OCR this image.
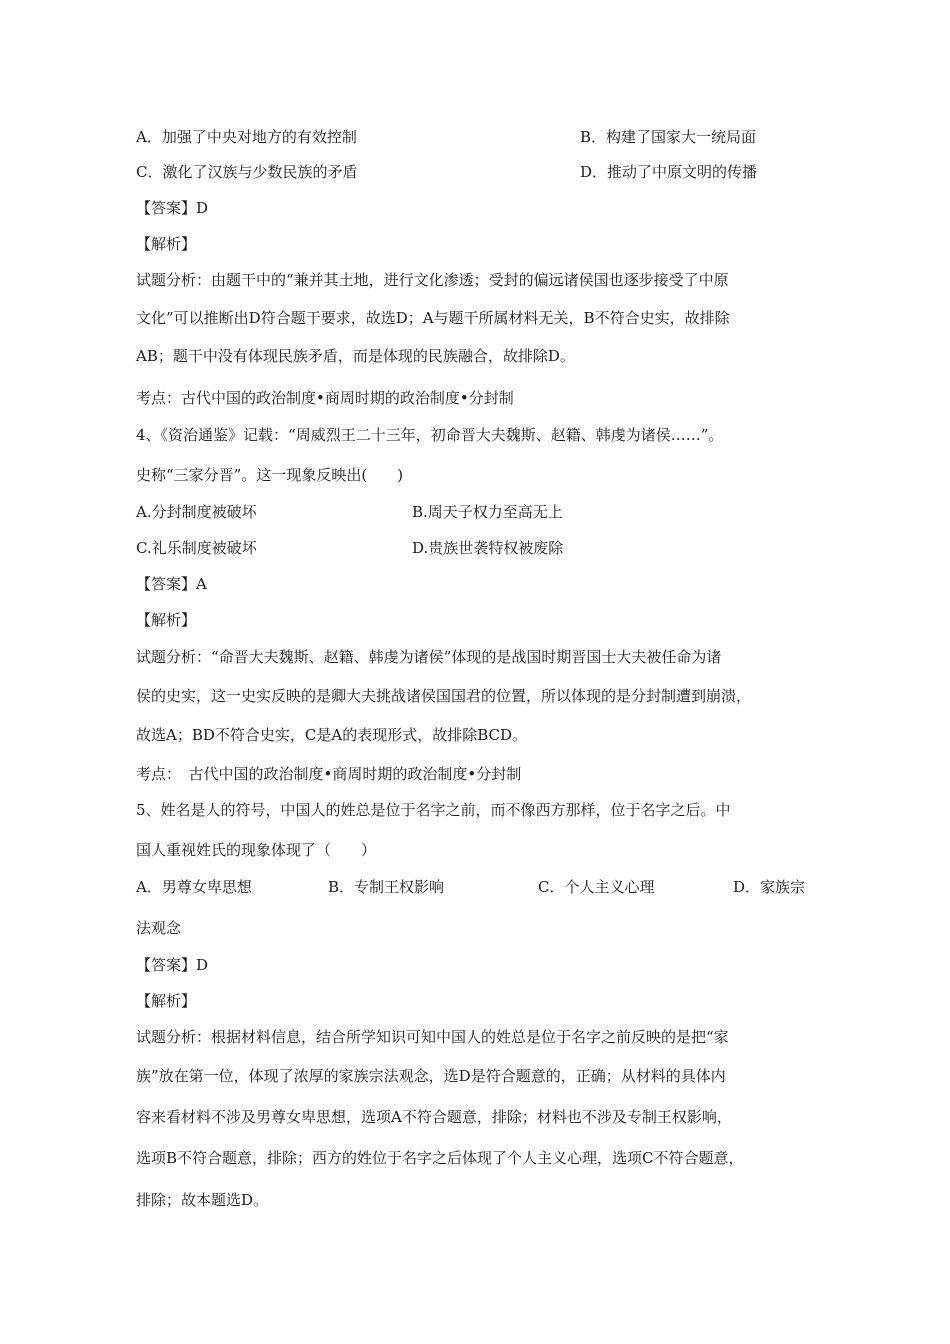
A．加强了中央对地方的有效控制	B．构建了国家大一统局面
C．激化了汉族与少数民族的矛盾	D．推动了中原文明的传播
【答案】D
【解析】
试题分析：由题干中的“兼并其土地，进行文化渗透；受封的偏远诸侯国也逐步接受了中原
文化”可以推断出D符合题干要求，故选D；A与题干所属材料无关，B不符合史实，故排除
AB；题干中没有体现民族矛盾，而是体现的民族融合，故排除D。
考点：古代中国的政治制度•商周时期的政治制度•分封制
4、《资治通鉴》记载：“周威烈王二十三年，初命晋大夫魏斯、赵籍、韩虔为诸侯……”。
史称“三家分晋”。这一现象反映出(　　)
A.分封制度被破坏	B.周天子权力至高无上
C.礼乐制度被破坏	D.贵族世袭特权被废除
【答案】A
【解析】
试题分析：“命晋大夫魏斯、赵籍、韩虔为诸侯”体现的是战国时期晋国士大夫被任命为诸
侯的史实，这一史实反映的是卿大夫挑战诸侯国国君的位置，所以体现的是分封制遭到崩溃，
故选A；BD不符合史实，C是A的表现形式，故排除BCD。
考点：　古代中国的政治制度•商周时期的政治制度•分封制
5、姓名是人的符号，中国人的姓总是位于名字之前，而不像西方那样，位于名字之后。中
国人重视姓氏的现象体现了（　　）
A．男尊女卑思想	B．专制王权影响	C．个人主义心理	D．家族宗
法观念
【答案】D
【解析】
试题分析：根据材料信息，结合所学知识可知中国人的姓总是位于名字之前反映的是把“家
族”放在第一位，体现了浓厚的家族宗法观念，选D是符合题意的，正确；从材料的具体内
容来看材料不涉及男尊女卑思想，选项A不符合题意，排除；材料也不涉及专制王权影响，
选项B不符合题意，排除；西方的姓位于名字之后体现了个人主义心理，选项C不符合题意，
排除；故本题选D。
